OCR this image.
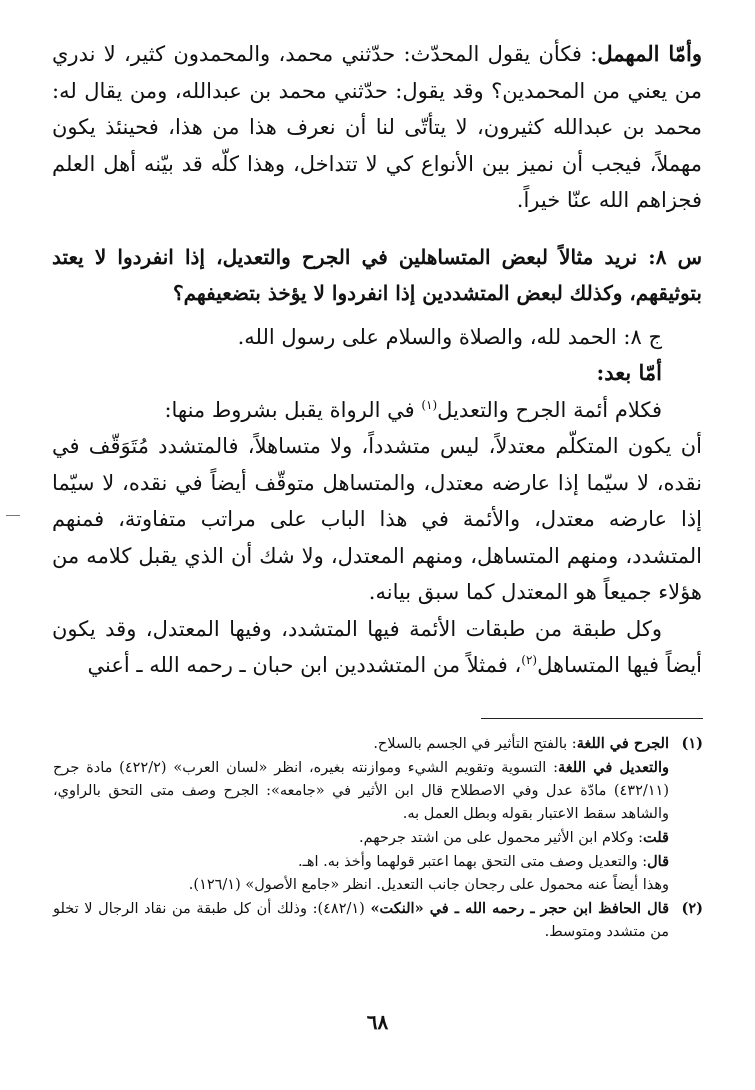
وأمّا المهمل: فكأن يقول المحدّث: حدّثني محمد، والمحمدون كثير، لا ندري من يعني من المحمدين؟ وقد يقول: حدّثني محمد بن عبدالله، ومن يقال له: محمد بن عبدالله كثيرون، لا يتأتّى لنا أن نعرف هذا من هذا، فحينئذ يكون مهملاً، فيجب أن نميز بين الأنواع كي لا تتداخل، وهذا كلّه قد بيّنه أهل العلم فجزاهم الله عنّا خيراً.

س ٨: نريد مثالاً لبعض المتساهلين في الجرح والتعديل، إذا انفردوا لا يعتد بتوثيقهم، وكذلك لبعض المتشددين إذا انفردوا لا يؤخذ بتضعيفهم؟

ج ٨: الحمد لله، والصلاة والسلام على رسول الله.

أمّا بعد:

فكلام أئمة الجرح والتعديل$^{(١)}$ في الرواة يقبل بشروط منها:

أن يكون المتكلّم معتدلاً، ليس متشدداً، ولا متساهلاً، فالمتشدد مُتَوَقّف في نقده، لا سيّما إذا عارضه معتدل، والمتساهل متوقّف أيضاً في نقده، لا سيّما إذا عارضه معتدل، والأئمة في هذا الباب على مراتب متفاوتة، فمنهم المتشدد، ومنهم المتساهل، ومنهم المعتدل، ولا شك أن الذي يقبل كلامه من هؤلاء جميعاً هو المعتدل كما سبق بيانه.

وكل طبقة من طبقات الأئمة فيها المتشدد، وفيها المعتدل، وقد يكون أيضاً فيها المتساهل$^{(٢)}$، فمثلاً من المتشددين ابن حبان ـ رحمه الله ـ أعني

(١)

الجرح في اللغة: بالفتح التأثير في الجسم بالسلاح.

والتعديل في اللغة: التسوية وتقويم الشيء وموازنته بغيره، انظر «لسان العرب» (٤٢٢/٢) مادة جرح (٤٣٢/١١) مادّة عدل وفي الاصطلاح قال ابن الأثير في «جامعه»: الجرح وصف متى التحق بالراوي، والشاهد سقط الاعتبار بقوله وبطل العمل به.

قلت: وكلام ابن الأثير محمول على من اشتد جرحهم.

قال: والتعديل وصف متى التحق بهما اعتبر قولهما وأخذ به. اهـ.

وهذا أيضاً عنه محمول على رجحان جانب التعديل. انظر «جامع الأصول» (١٢٦/١).

(٢)

قال الحافظ ابن حجر ـ رحمه الله ـ في «النكت» (٤٨٢/١): وذلك أن كل طبقة من نقاد الرجال لا تخلو من متشدد ومتوسط.

٦٨
